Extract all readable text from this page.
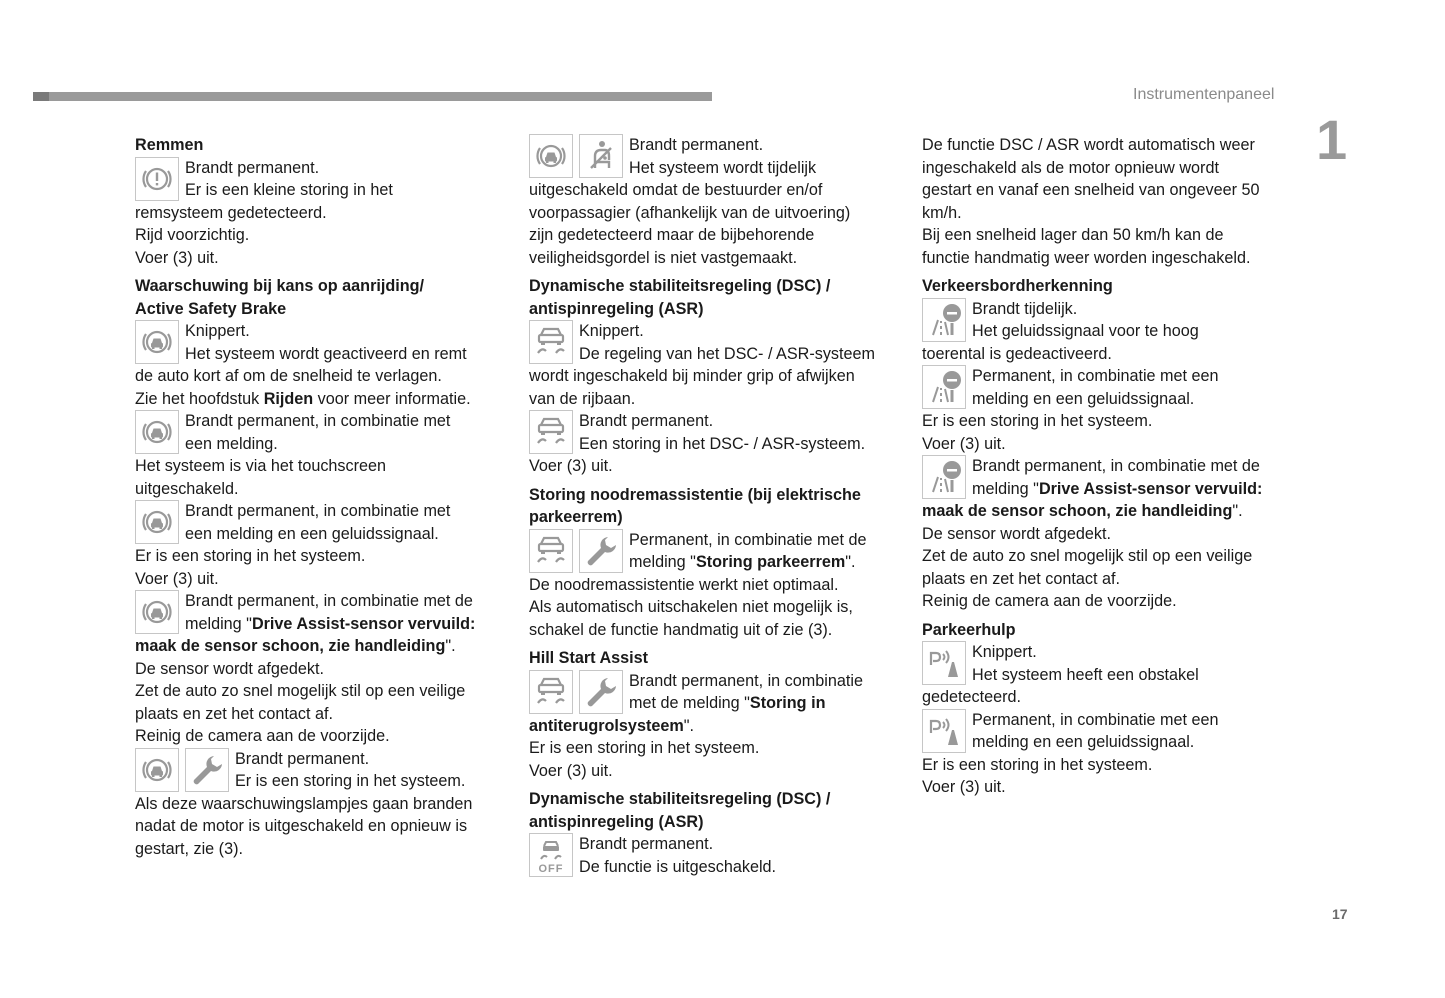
Instrumentenpaneel
1
17
Remmen

Brandt permanent.

Er is een kleine storing in het

remsysteem gedetecteerd.

Rijd voorzichtig.

Voer (3) uit.

Waarschuwing bij kans op aanrijding/
Active Safety Brake

Knippert.

Het systeem wordt geactiveerd en remt

de auto kort af om de snelheid te verlagen.

Zie het hoofdstuk Rijden voor meer informatie.

Brandt permanent, in combinatie met

een melding.

Het systeem is via het touchscreen

uitgeschakeld.

Brandt permanent, in combinatie met

een melding en een geluidssignaal.

Er is een storing in het systeem.

Voer (3) uit.

Brandt permanent, in combinatie met de

melding "Drive Assist-sensor vervuild:

maak de sensor schoon, zie handleiding".

De sensor wordt afgedekt.

Zet de auto zo snel mogelijk stil op een veilige

plaats en zet het contact af.

Reinig de camera aan de voorzijde.

Brandt permanent.

Er is een storing in het systeem.

Als deze waarschuwingslampjes gaan branden

nadat de motor is uitgeschakeld en opnieuw is

gestart, zie (3).

Brandt permanent.

Het systeem wordt tijdelijk

uitgeschakeld omdat de bestuurder en/of

voorpassagier (afhankelijk van de uitvoering)

zijn gedetecteerd maar de bijbehorende

veiligheidsgordel is niet vastgemaakt.

Dynamische stabiliteitsregeling (DSC) /
antispinregeling (ASR)

Knippert.

De regeling van het DSC- / ASR-systeem

wordt ingeschakeld bij minder grip of afwijken

van de rijbaan.

Brandt permanent.

Een storing in het DSC- / ASR-systeem.

Voer (3) uit.

Storing noodremassistentie (bij elektrische
parkeerrem)

Permanent, in combinatie met de

melding "Storing parkeerrem".

De noodremassistentie werkt niet optimaal.

Als automatisch uitschakelen niet mogelijk is,

schakel de functie handmatig uit of zie (3).

Hill Start Assist

Brandt permanent, in combinatie

met de melding "Storing in

antiterugrolsysteem".

Er is een storing in het systeem.

Voer (3) uit.

Dynamische stabiliteitsregeling (DSC) /
antispinregeling (ASR)
OFF

Brandt permanent.

De functie is uitgeschakeld.

De functie DSC / ASR wordt automatisch weer

ingeschakeld als de motor opnieuw wordt

gestart en vanaf een snelheid van ongeveer 50

km/h.

Bij een snelheid lager dan 50 km/h kan de

functie handmatig weer worden ingeschakeld.

Verkeersbordherkenning

Brandt tijdelijk.

Het geluidssignaal voor te hoog

toerental is gedeactiveerd.

Permanent, in combinatie met een

melding en een geluidssignaal.

Er is een storing in het systeem.

Voer (3) uit.

Brandt permanent, in combinatie met de

melding "Drive Assist-sensor vervuild:

maak de sensor schoon, zie handleiding".

De sensor wordt afgedekt.

Zet de auto zo snel mogelijk stil op een veilige

plaats en zet het contact af.

Reinig de camera aan de voorzijde.

Parkeerhulp

Knippert.

Het systeem heeft een obstakel

gedetecteerd.

Permanent, in combinatie met een

melding en een geluidssignaal.

Er is een storing in het systeem.

Voer (3) uit.
